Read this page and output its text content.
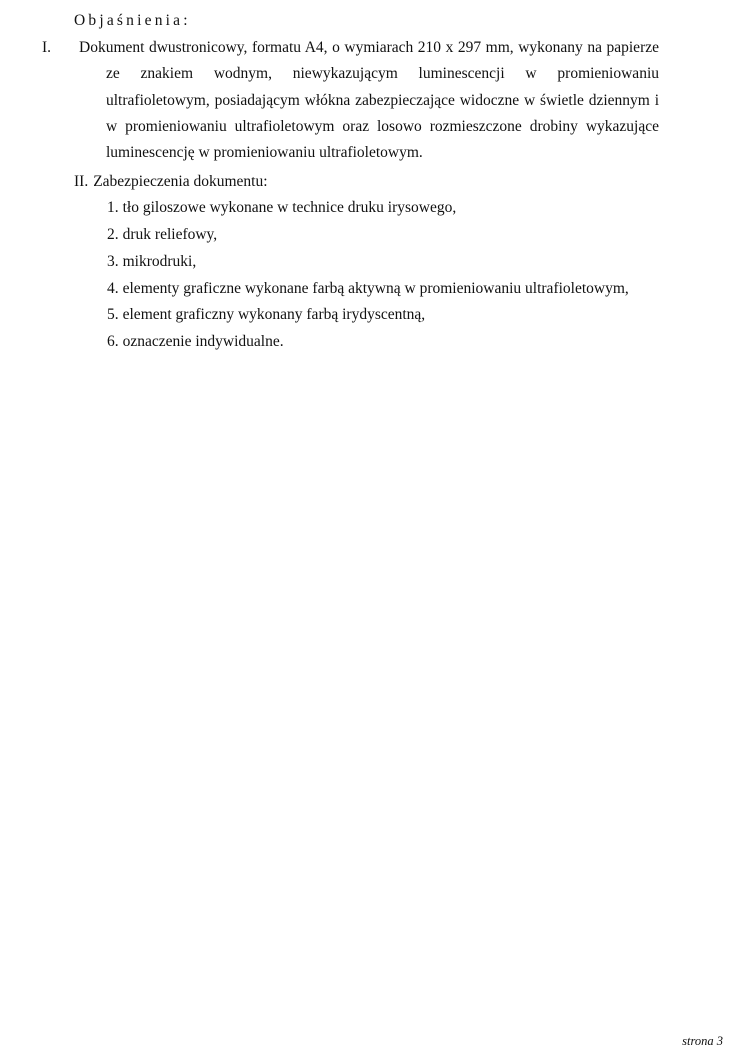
Objaśnienia:

I. Dokument dwustronicowy, formatu A4, o wymiarach 210 x 297 mm, wykonany na papierze ze znakiem wodnym, niewykazującym luminescencji w promieniowaniu ultrafioletowym, posiadającym włókna zabezpieczające widoczne w świetle dziennym i w promieniowaniu ultrafioletowym oraz losowo rozmieszczone drobiny wykazujące luminescencję w promieniowaniu ultrafioletowym.

II. Zabezpieczenia dokumentu:

1. tło giloszowe wykonane w technice druku irysowego,
2. druk reliefowy,
3. mikrodruki,
4. elementy graficzne wykonane farbą aktywną w promieniowaniu ultrafioletowym,
5. element graficzny wykonany farbą irydyscentną,
6. oznaczenie indywidualne.
strona 3
